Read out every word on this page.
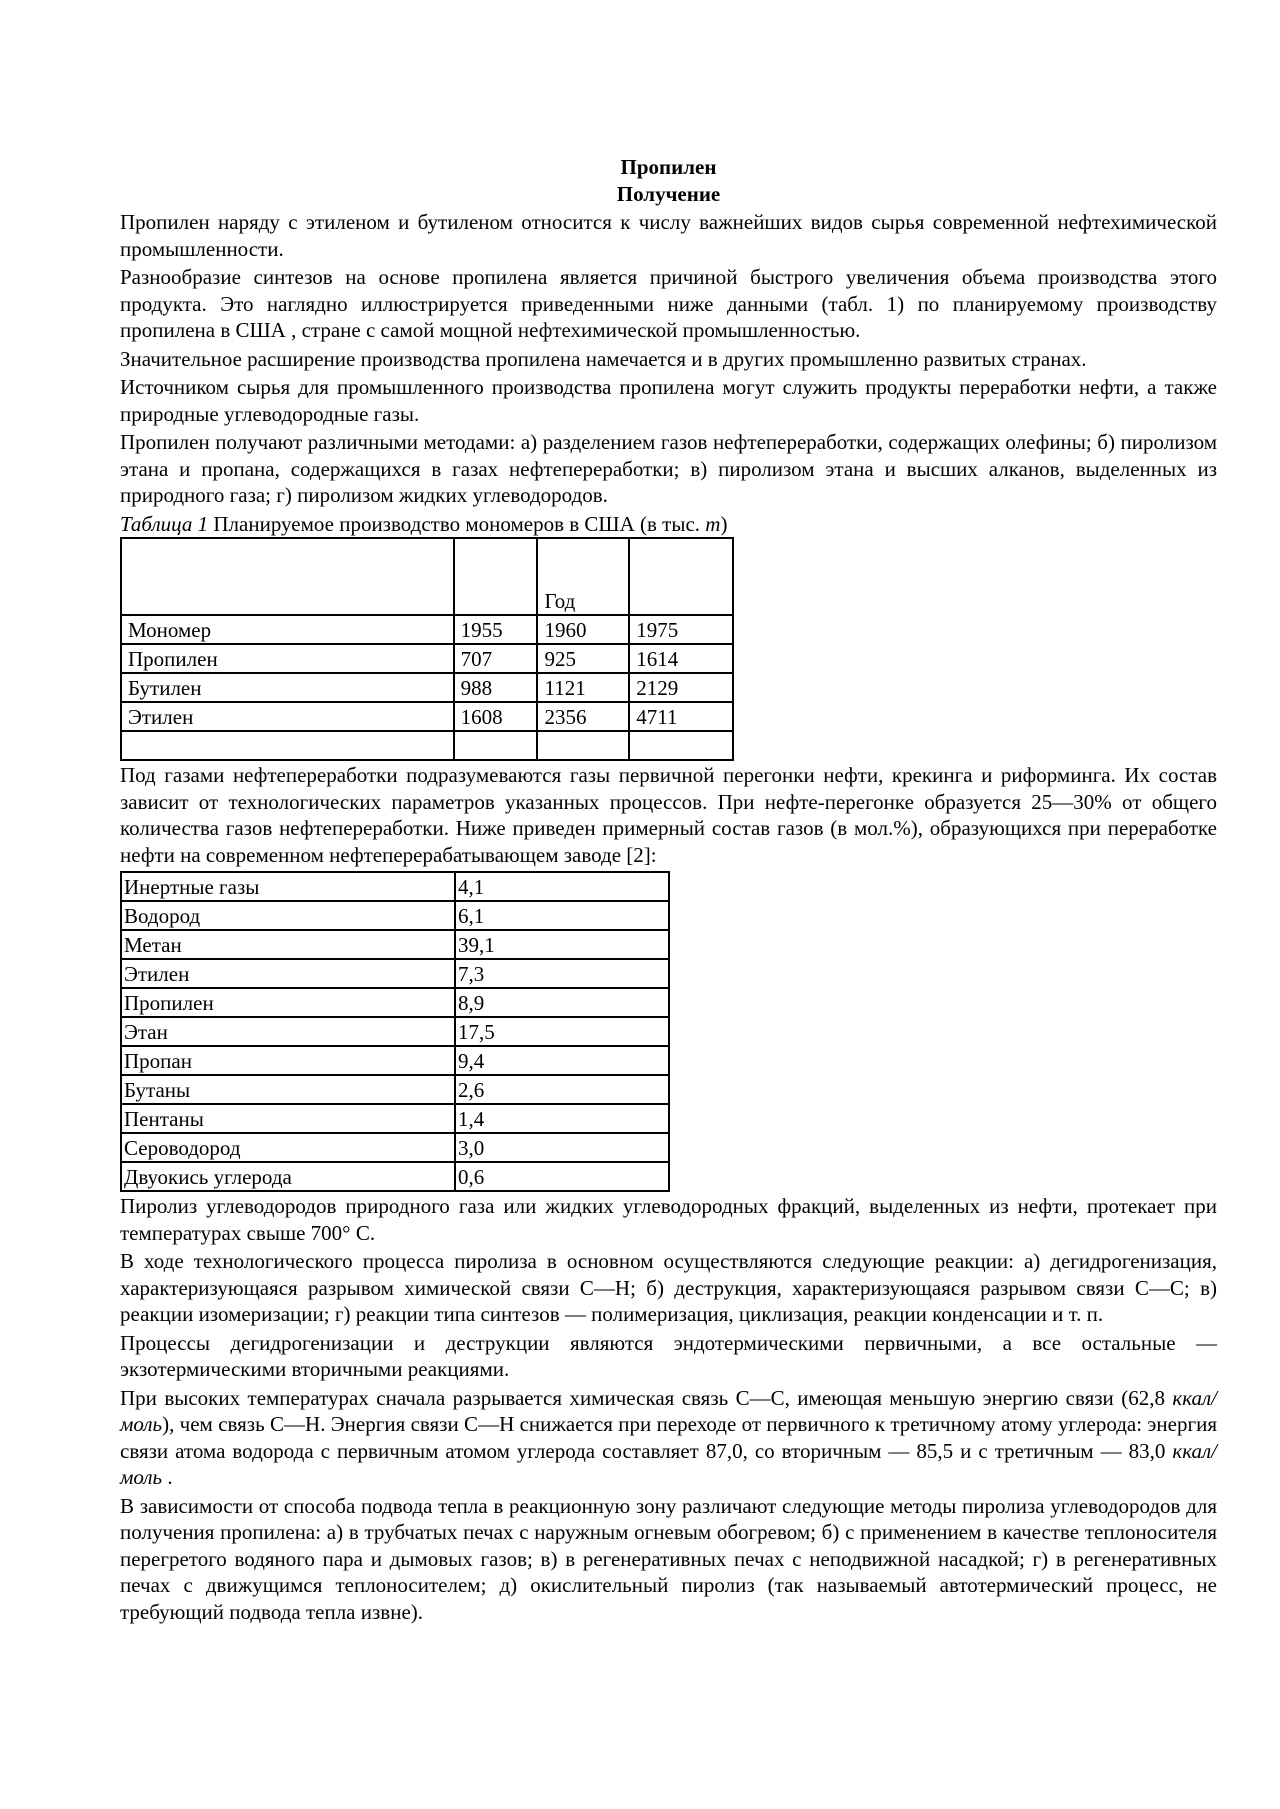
Пропилен

Получение

Пропилен наряду с этиленом и бутиленом относится к числу важнейших видов сырья современной нефтехимической промышленности.

Разнообразие синтезов на основе пропилена является причиной быстрого увеличения объема производства этого продукта. Это наглядно иллюстрируется приведенными ниже данными (табл. 1) по планируемому производству пропилена в США , стране с самой мощной нефтехимической промышленностью.

Значительное расширение производства пропилена намечается и в других промышленно развитых странах.

Источником сырья для промышленного производства пропилена могут служить продукты переработки нефти, а также природные углеводородные газы.

Пропилен получают различными методами: а) разделением газов нефтепереработки, содержащих олефины; б) пиролизом этана и пропана, содержащихся в газах нефтепереработки; в) пиролизом этана и высших алканов, выделенных из природного газа; г) пиролизом жидких углеводородов.

Таблица 1 Планируемое производство мономеров в США (в тыс. т)

		Год	
Мономер	1955	1960	1975
Пропилен	707	925	1614
Бутилен	988	1121	2129
Этилен	1608	2356	4711

Под газами нефтепереработки подразумеваются газы первичной перегонки нефти, крекинга и риформинга. Их состав зависит от технологических параметров указанных процессов. При нефте-перегонке образуется 25—30% от общего количества газов нефтепереработки. Ниже приведен примерный состав газов (в мол.%), образующихся при переработке нефти на современном нефтеперерабатывающем заводе [2]:

Инертные газы	4,1
Водород	6,1
Метан	39,1
Этилен	7,3
Пропилен	8,9
Этан	17,5
Пропан	9,4
Бутаны	2,6
Пентаны	1,4
Сероводород	3,0
Двуокись углерода	0,6

Пиролиз углеводородов природного газа или жидких углеводородных фракций, выделенных из нефти, протекает при температурах свыше 700° С.

В ходе технологического процесса пиролиза в основном осуществляются следующие реакции: а) дегидрогенизация, характеризующаяся разрывом химической связи С—Н; б) деструкция, характеризующаяся разрывом связи С—С; в) реакции изомеризации; г) реакции типа синтезов — полимеризация, циклизация, реакции конденсации и т. п.

Процессы дегидрогенизации и деструкции являются эндотермическими первичными, а все остальные — экзотермическими вторичными реакциями.

При высоких температурах сначала разрывается химическая связь С—С, имеющая меньшую энергию связи (62,8 ккал/моль), чем связь С—Н. Энергия связи С—Н снижается при переходе от первичного к третичному атому углерода: энергия связи атома водорода с первичным атомом углерода составляет 87,0, со вторичным — 85,5 и с третичным — 83,0 ккал/моль .

В зависимости от способа подвода тепла в реакционную зону различают следующие методы пиролиза углеводородов для получения пропилена: а) в трубчатых печах с наружным огневым обогревом; б) с применением в качестве теплоносителя перегретого водяного пара и дымовых газов; в) в регенеративных печах с неподвижной насадкой; г) в регенеративных печах с движущимся теплоносителем; д) окислительный пиролиз (так называемый автотермический процесс, не требующий подвода тепла извне).
